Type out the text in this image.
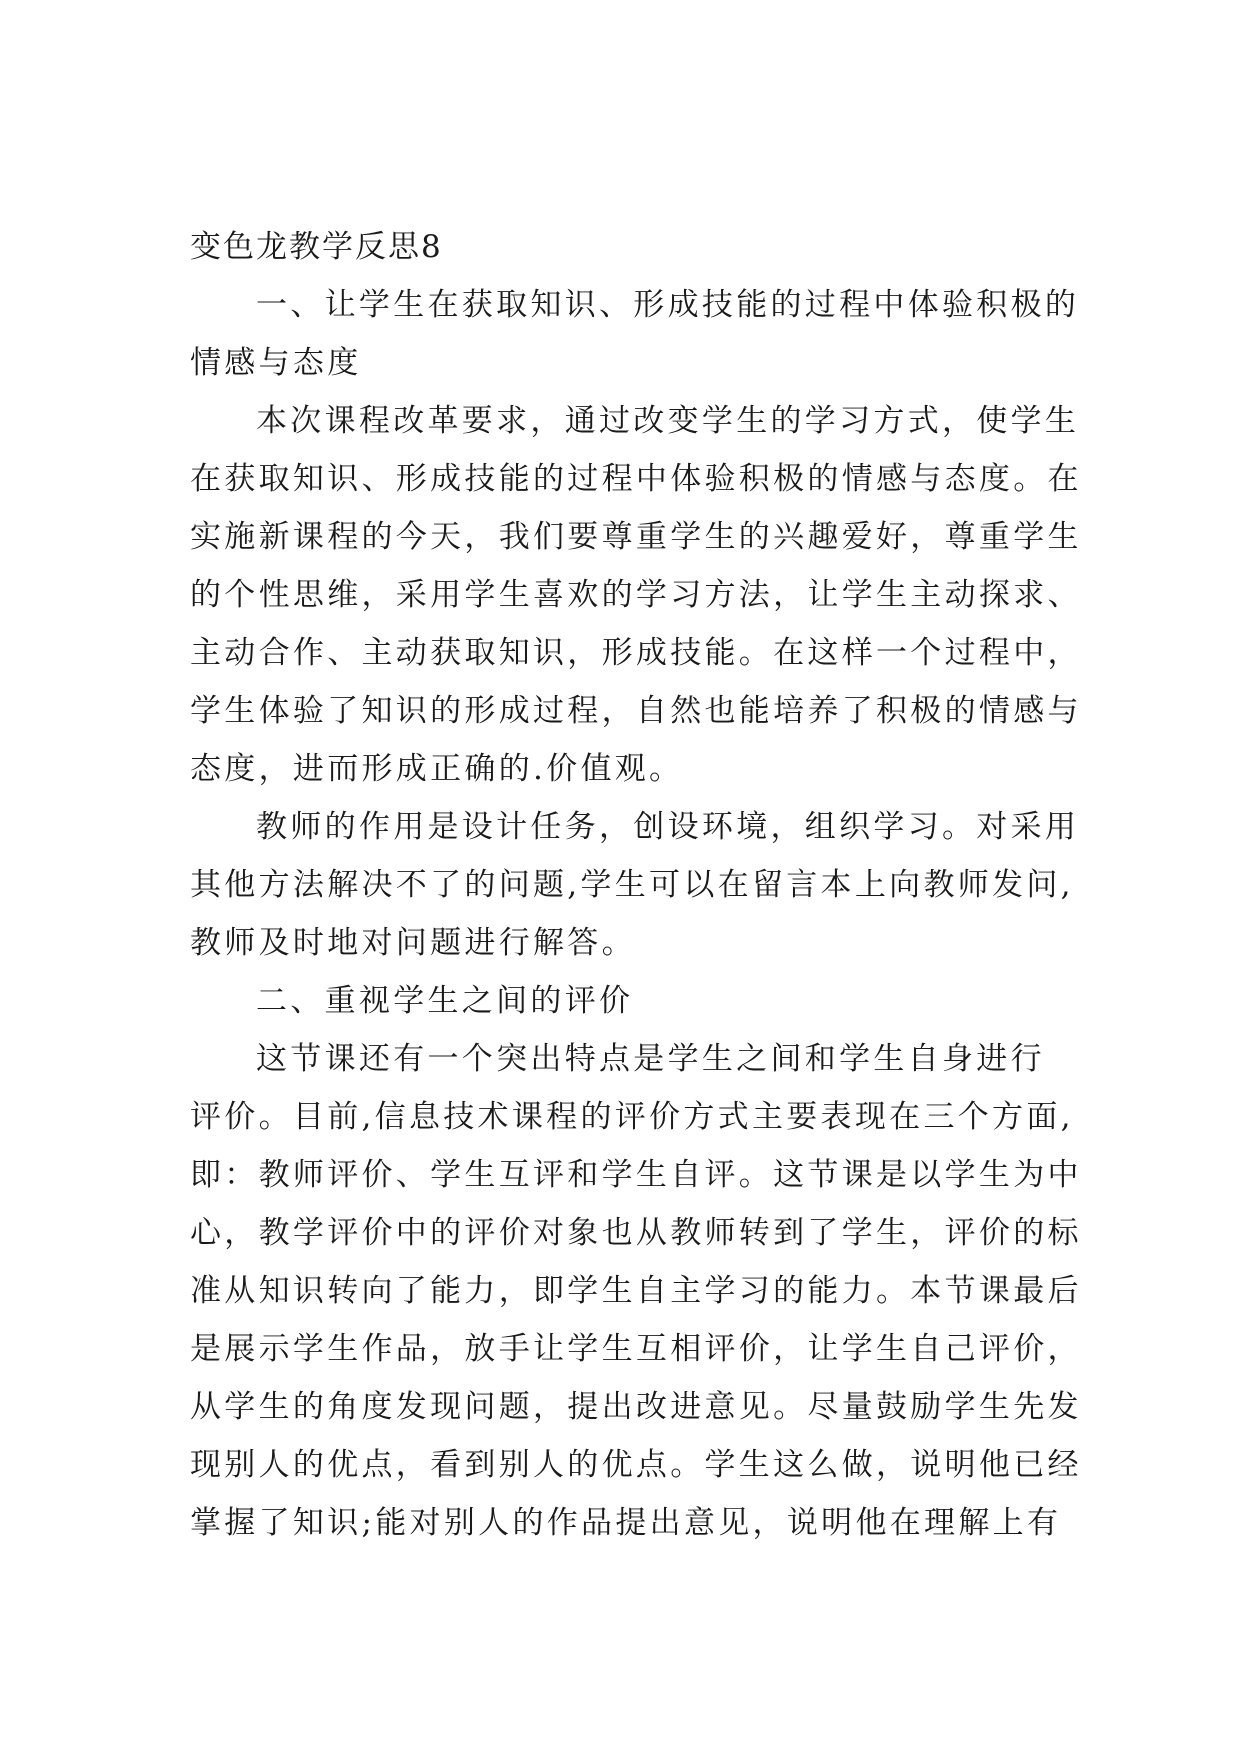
变色龙教学反思8

一、让学生在获取知识、形成技能的过程中体验积极的
情感与态度

本次课程改革要求，通过改变学生的学习方式，使学生
在获取知识、形成技能的过程中体验积极的情感与态度。在
实施新课程的今天，我们要尊重学生的兴趣爱好，尊重学生
的个性思维，采用学生喜欢的学习方法，让学生主动探求、
主动合作、主动获取知识，形成技能。在这样一个过程中，
学生体验了知识的形成过程，自然也能培养了积极的情感与
态度，进而形成正确的.价值观。

教师的作用是设计任务，创设环境，组织学习。对采用
其他方法解决不了的问题,学生可以在留言本上向教师发问,
教师及时地对问题进行解答。

二、重视学生之间的评价

这节课还有一个突出特点是学生之间和学生自身进行
评价。目前,信息技术课程的评价方式主要表现在三个方面,
即：教师评价、学生互评和学生自评。这节课是以学生为中
心，教学评价中的评价对象也从教师转到了学生，评价的标
准从知识转向了能力，即学生自主学习的能力。本节课最后
是展示学生作品，放手让学生互相评价，让学生自己评价，
从学生的角度发现问题，提出改进意见。尽量鼓励学生先发
现别人的优点，看到别人的优点。学生这么做，说明他已经
掌握了知识;能对别人的作品提出意见，说明他在理解上有
